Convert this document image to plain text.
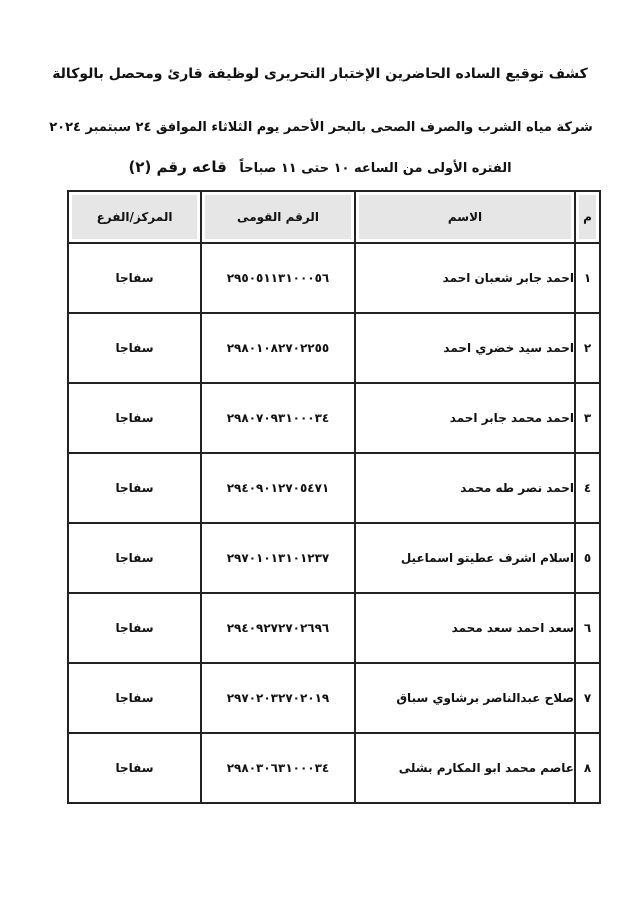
كشف توقيع الساده الحاضرين الإختبار التحريرى لوظيفة قارئ ومحصل بالوكالة
شركة مياه الشرب والصرف الصحى بالبحر الأحمر يوم الثلاثاء الموافق ٢٤ سبتمبر ٢٠٢٤
الفتره الأولى من الساعه ١٠ حتى ١١ صباحاً قاعه رقم (٢)
م	الاسم	الرقم القومى	المركز/الفرع
١	احمد جابر شعبان احمد	٢٩٥٠٥١١٣١٠٠٠٥٦	سفاجا
٢	احمد سيد خضري احمد	٢٩٨٠١٠٨٢٧٠٢٢٥٥	سفاجا
٣	احمد محمد جابر احمد	٢٩٨٠٧٠٩٣١٠٠٠٣٤	سفاجا
٤	احمد نصر طه محمد	٢٩٤٠٩٠١٢٧٠٥٤٧١	سفاجا
٥	اسلام اشرف عطيتو اسماعيل	٢٩٧٠١٠١٣١٠١٢٣٧	سفاجا
٦	سعد احمد سعد محمد	٢٩٤٠٩٢٧٢٧٠٢٦٩٦	سفاجا
٧	صلاح عبدالناصر برشاوي سباق	٢٩٧٠٢٠٣٢٧٠٢٠١٩	سفاجا
٨	عاصم محمد ابو المكارم بشلى	٢٩٨٠٣٠٦٣١٠٠٠٣٤	سفاجا
